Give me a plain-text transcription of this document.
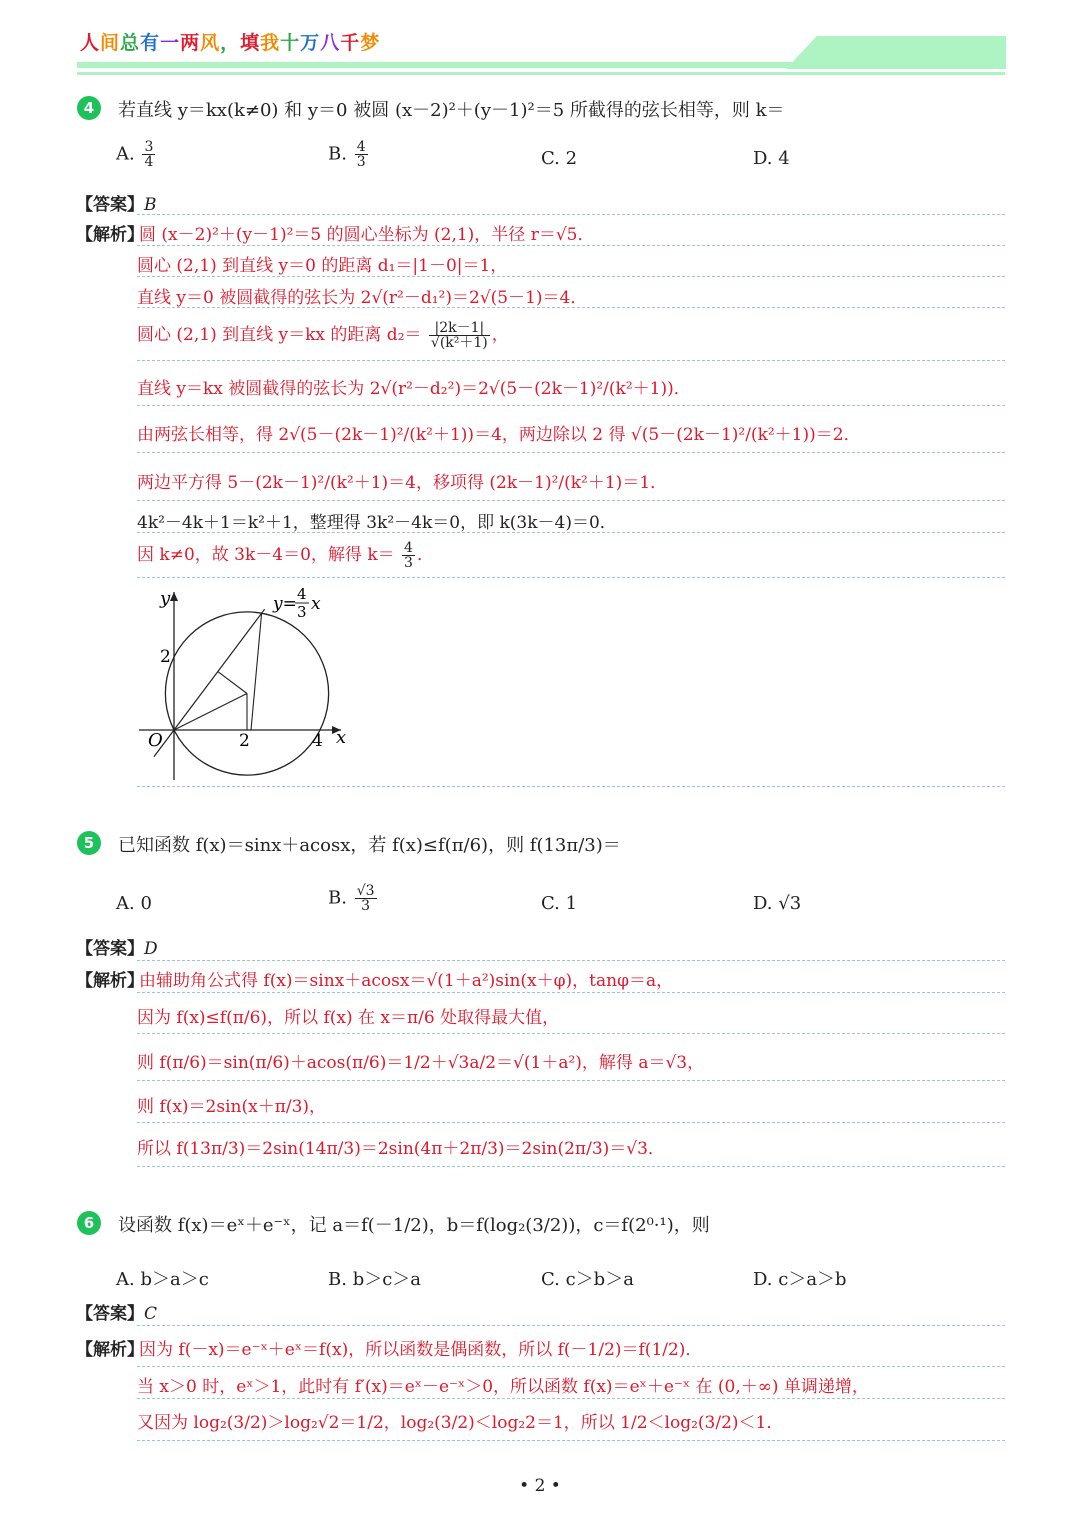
人间总有一两风，填我十万八千梦
4	若直线 y＝kx(k≠0) 和 y＝0 被圆 (x－2)²＋(y－1)²＝5 所截得的弦长相等，则 k＝
A. $\frac{3}{4}$	B. $\frac{4}{3}$	C. 2	D. 4
【答案】B
【解析】
圆 (x－2)²＋(y－1)²＝5 的圆心坐标为 (2,1)，半径 r＝√5．
圆心 (2,1) 到直线 y＝0 的距离 d₁＝|1－0|＝1，
直线 y＝0 被圆截得的弦长为 2√(r²－d₁²)＝2√(5－1)＝4．
圆心 (2,1) 到直线 y＝kx 的距离 $d_2= \frac{|2k-1|}{\text{√(k²＋1)}}$ ，
直线 y＝kx 被圆截得的弦长为 2√(r²－d₂²)＝2√(5－(2k－1)²/(k²＋1))．
由两弦长相等，得 2√(5－(2k－1)²/(k²＋1))＝4，两边除以 2 得 √(5－(2k－1)²/(k²＋1))＝2．
两边平方得 5－(2k－1)²/(k²＋1)＝4，移项得 (2k－1)²/(k²＋1)＝1．
4k²－4k＋1＝k²＋1，整理得 3k²－4k＝0，即 k(3k－4)＝0．
因 k≠0，故 3k－4＝0，解得 $k= \frac{4}{3}$ ．
y
x
O
2
2	4
y= 4
3 x
5	已知函数 f(x)＝sinx＋acosx，若 f(x)≤f(π/6)，则 f(13π/3)＝
A. 0	B. $\frac{√3}{3}$	C. 1	D. √3
【答案】D
【解析】
由辅助角公式得 f(x)＝sinx＋acosx＝√(1＋a²)sin(x＋φ)，tanφ＝a，
因为 f(x)≤f(π/6)，所以 f(x) 在 x＝π/6 处取得最大值，
则 f(π/6)＝sin(π/6)＋acos(π/6)＝1/2＋√3a/2＝√(1＋a²)，解得 a＝√3，
则 f(x)＝2sin(x＋π/3)，
所以 f(13π/3)＝2sin(14π/3)＝2sin(4π＋2π/3)＝2sin(2π/3)＝√3．
6	设函数 f(x)＝eˣ＋e⁻ˣ，记 a＝f(－1/2)，b＝f(log₂(3/2))，c＝f(2⁰·¹)，则
A. b＞a＞c	B. b＞c＞a	C. c＞b＞a	D. c＞a＞b
【答案】C
【解析】
因为 f(－x)＝e⁻ˣ＋eˣ＝f(x)，所以函数是偶函数，所以 f(－1/2)＝f(1/2)．
当 x＞0 时，eˣ＞1，此时有 f′(x)＝eˣ－e⁻ˣ＞0，所以函数 f(x)＝eˣ＋e⁻ˣ 在 (0,＋∞) 单调递增，
又因为 log₂(3/2)＞log₂√2＝1/2，log₂(3/2)＜log₂2＝1，所以 1/2＜log₂(3/2)＜1．
• 2 •
